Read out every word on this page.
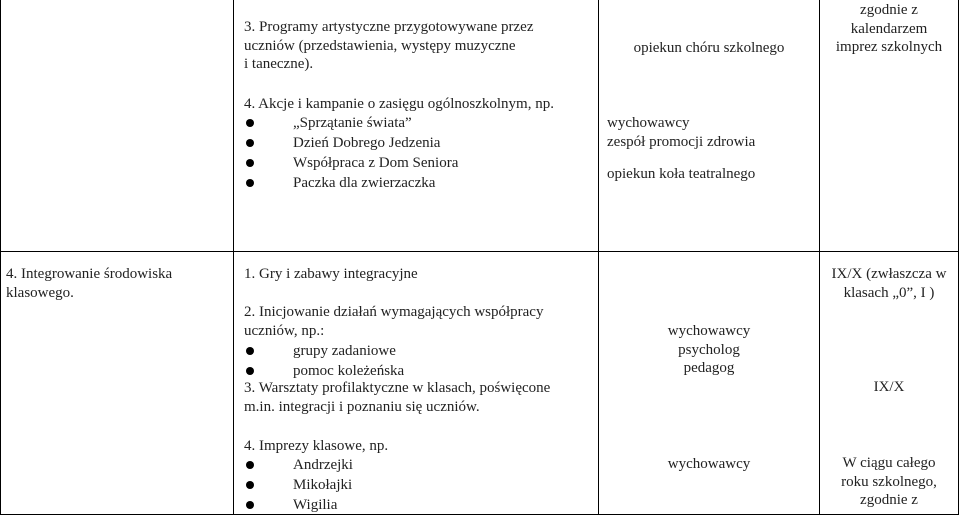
3. Programy artystyczne przygotowywane przez
uczniów (przedstawienia, występy muzyczne
i taneczne).
opiekun chóru szkolnego
zgodnie z
kalendarzem
imprez szkolnych
4. Akcje i kampanie o zasięgu ogólnoszkolnym, np.
„Sprzątanie świata”
Dzień Dobrego Jedzenia
Współpraca z Dom Seniora
Paczka dla zwierzaczka
wychowawcy
zespół promocji zdrowia
opiekun koła teatralnego
4. Integrowanie środowiska
klasowego.
1. Gry i zabawy integracyjne
2. Inicjowanie działań wymagających współpracy
uczniów, np.:
grupy zadaniowe
pomoc koleżeńska
3. Warsztaty profilaktyczne w klasach, poświęcone
m.in. integracji i poznaniu się uczniów.
wychowawcy
psycholog
pedagog
IX/X (zwłaszcza w
klasach „0”, I )
IX/X
4. Imprezy klasowe, np.
Andrzejki
Mikołajki
Wigilia
wychowawcy	W ciągu całego
roku szkolnego,
zgodnie z
